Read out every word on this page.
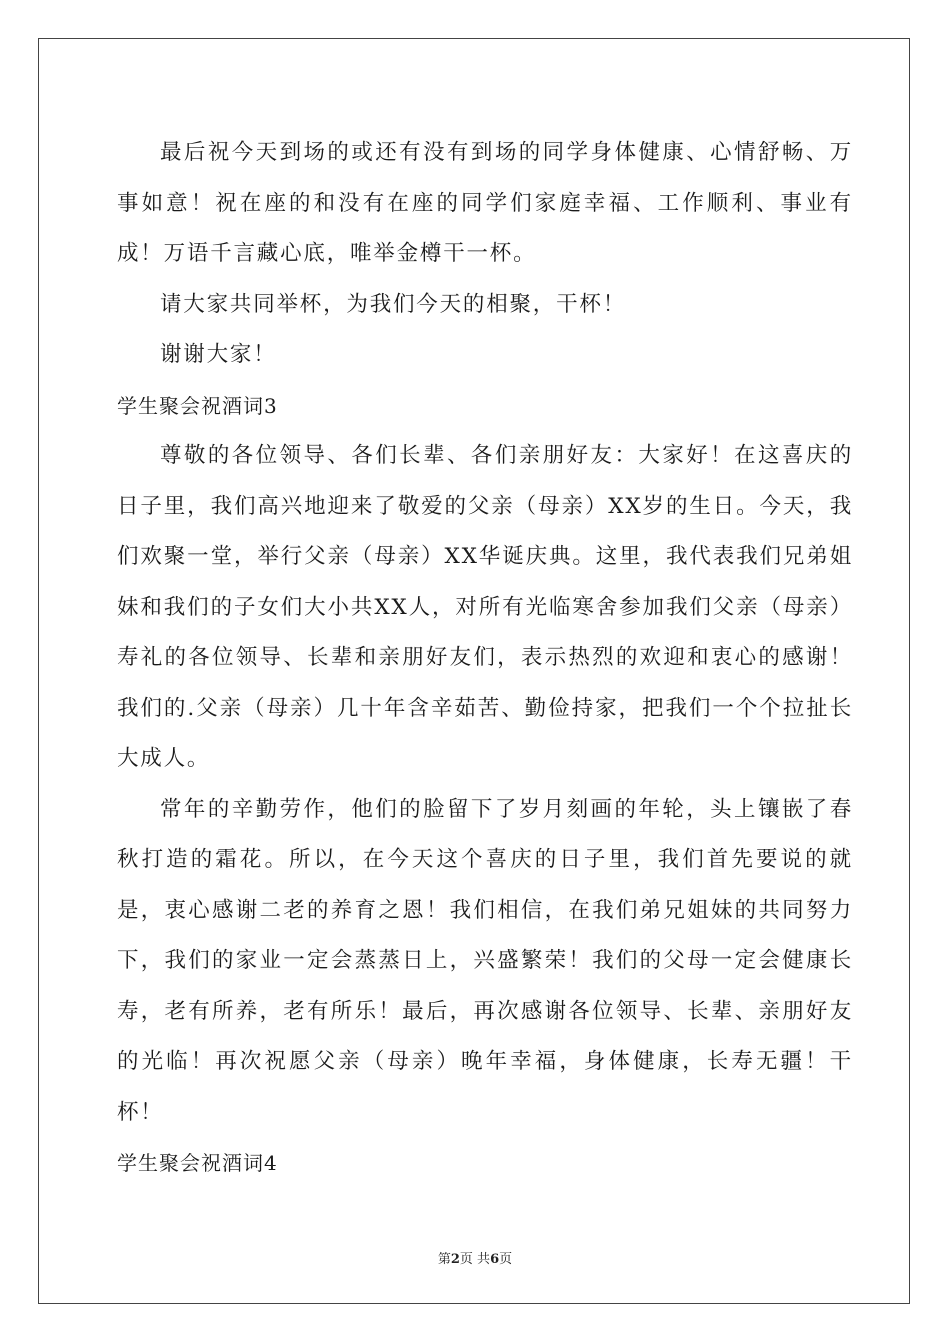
最后祝今天到场的或还有没有到场的同学身体健康、心情舒畅、万事如意！祝在座的和没有在座的同学们家庭幸福、工作顺利、事业有成！万语千言藏心底，唯举金樽干一杯。

请大家共同举杯，为我们今天的相聚，干杯！

谢谢大家！

学生聚会祝酒词3

尊敬的各位领导、各们长辈、各们亲朋好友：大家好！在这喜庆的日子里，我们高兴地迎来了敬爱的父亲（母亲）XX岁的生日。今天，我们欢聚一堂，举行父亲（母亲）XX华诞庆典。这里，我代表我们兄弟姐妹和我们的子女们大小共XX人，对所有光临寒舍参加我们父亲（母亲）寿礼的各位领导、长辈和亲朋好友们，表示热烈的欢迎和衷心的感谢！我们的.父亲（母亲）几十年含辛茹苦、勤俭持家，把我们一个个拉扯长大成人。

常年的辛勤劳作，他们的脸留下了岁月刻画的年轮，头上镶嵌了春秋打造的霜花。所以，在今天这个喜庆的日子里，我们首先要说的就是，衷心感谢二老的养育之恩！我们相信，在我们弟兄姐妹的共同努力下，我们的家业一定会蒸蒸日上，兴盛繁荣！我们的父母一定会健康长寿，老有所养，老有所乐！最后，再次感谢各位领导、长辈、亲朋好友的光临！再次祝愿父亲（母亲）晚年幸福，身体健康，长寿无疆！干杯！

学生聚会祝酒词4

第2页 共6页
